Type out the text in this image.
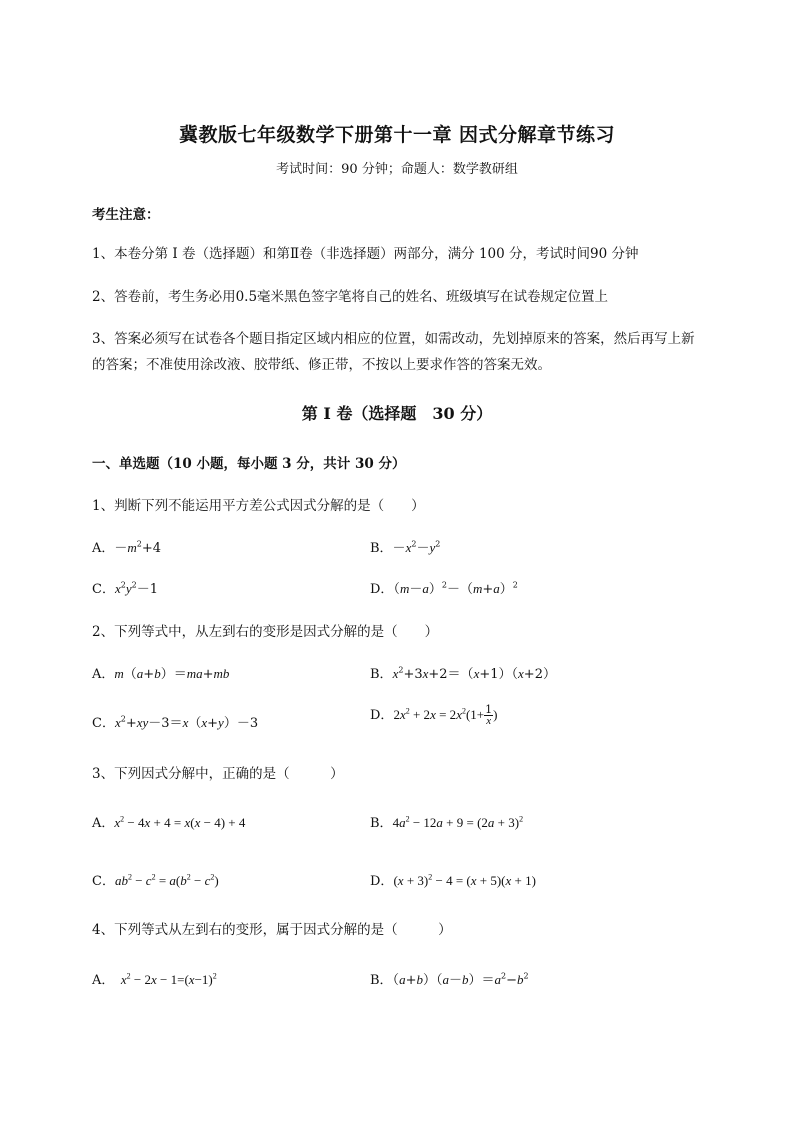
冀教版七年级数学下册第十一章 因式分解章节练习
考试时间：90 分钟；命题人：数学教研组
考生注意：
1、本卷分第 I 卷（选择题）和第Ⅱ卷（非选择题）两部分，满分 100 分，考试时间90 分钟
2、答卷前，考生务必用0.5毫米黑色签字笔将自己的姓名、班级填写在试卷规定位置上
3、答案必须写在试卷各个题目指定区域内相应的位置，如需改动，先划掉原来的答案，然后再写上新
的答案；不准使用涂改液、胶带纸、修正带，不按以上要求作答的答案无效。
第 I 卷（选择题　30 分）
一、单选题（10 小题，每小题 3 分，共计 30 分）
1、判断下列不能运用平方差公式因式分解的是（　　）
A．$-m^2+4$	B．$-x^2-y^2$
C．$x^2y^2-1$	D．$(m-a)^2-(m+a)^2$
2、下列等式中，从左到右的变形是因式分解的是（　　）
A．m（a+b）＝ma+mb	B．$x^2+3x+2=(x+1)(x+2)$
C．$x^2+xy-3=x(x+y)-3$
D．$2x^2 + 2x = 2x^2(1+ \frac{1}{x}$ )
3、下列因式分解中，正确的是（　　　）
A．$x^2 - 4x + 4 = x(x - 4) + 4$	B．$4a^2 - 12a + 9 = (2a + 3)^2$
C．$ab^2 - c^2 = a(b^2 - c^2)$	D．$(x + 3)^2 - 4 = (x + 5)(x + 1)$
4、下列等式从左到右的变形，属于因式分解的是（　　　）
A．　$x^2 - 2x - 1=(x-1)^2$	B．$(a+b)(a-b)=a^2-b^2$
